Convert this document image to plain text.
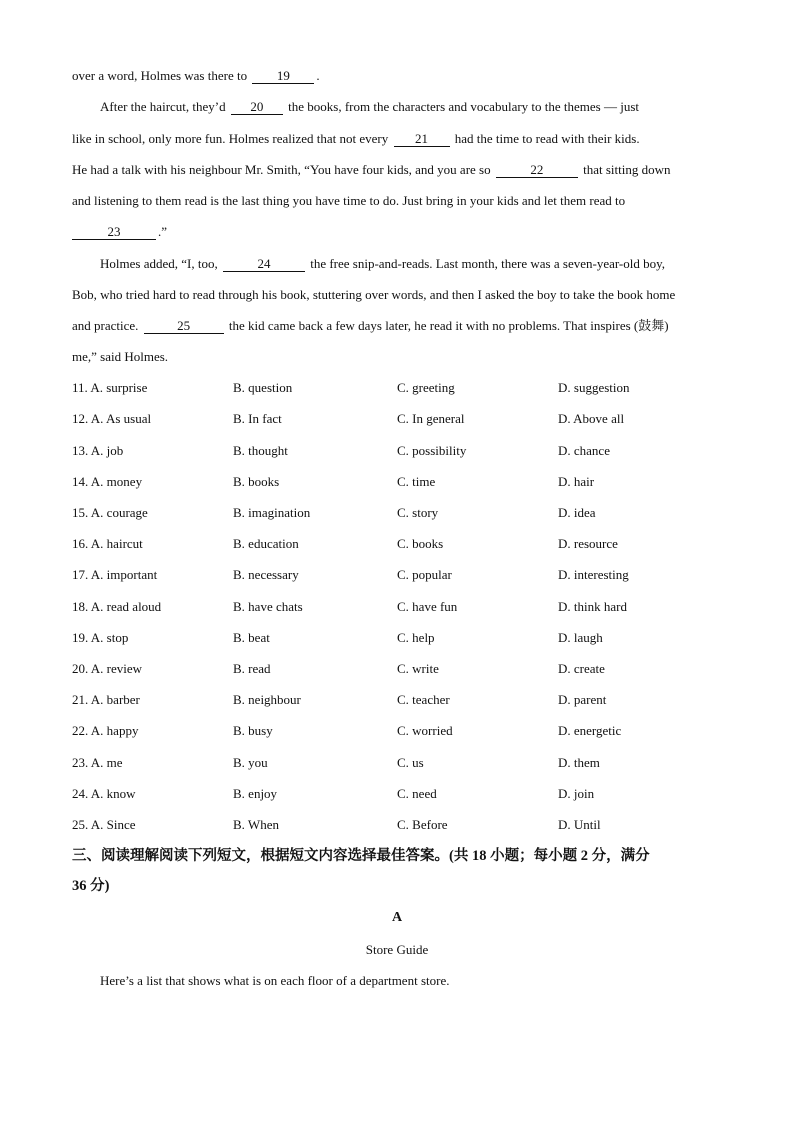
over a word, Holmes was there to 19 .
After the haircut, they’d 20 the books, from the characters and vocabulary to the themes — just
like in school, only more fun. Holmes realized that not every 21 had the time to read with their kids.
He had a talk with his neighbour Mr. Smith, “You have four kids, and you are so	22	that sitting down
and listening to them read is the last thing you have time to do. Just bring in your kids and let them read to
23	.”
Holmes added, “I, too,	24	the free snip-and-reads. Last month, there was a seven-year-old boy,
Bob, who tried hard to read through his book, stuttering over words, and then I asked the boy to take the book home
and practice.	25	the kid came back a few days later, he read it with no problems. That inspires (鼓舞)
me,” said Holmes.
11. A. surprise	B. question	C. greeting	D. suggestion
12. A. As usual	B. In fact	C. In general	D. Above all
13. A. job	B. thought	C. possibility	D. chance
14. A. money	B. books	C. time	D. hair
15. A. courage	B. imagination	C. story	D. idea
16. A. haircut	B. education	C. books	D. resource
17. A. important	B. necessary	C. popular	D. interesting
18. A. read aloud	B. have chats	C. have fun	D. think hard
19. A. stop	B. beat	C. help	D. laugh
20. A. review	B. read	C. write	D. create
21. A. barber	B. neighbour	C. teacher	D. parent
22. A. happy	B. busy	C. worried	D. energetic
23. A. me	B. you	C. us	D. them
24. A. know	B. enjoy	C. need	D. join
25. A. Since	B. When	C. Before	D. Until
三、阅读理解阅读下列短文，根据短文内容选择最佳答案。(共 18 小题；每小题 2 分，满分
36 分)
A
Store Guide
Here’s a list that shows what is on each floor of a department store.
